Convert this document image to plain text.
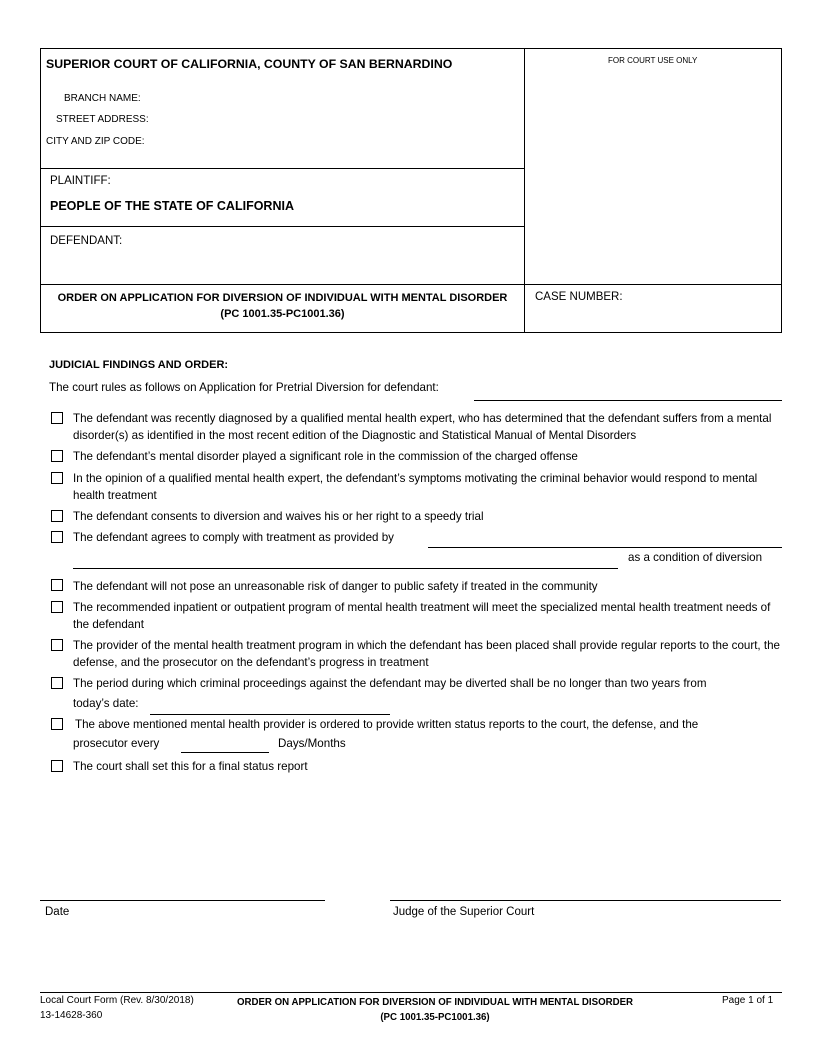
SUPERIOR COURT OF CALIFORNIA, COUNTY OF SAN BERNARDINO	FOR COURT USE ONLY
BRANCH NAME:
STREET ADDRESS:
CITY AND ZIP CODE:
PLAINTIFF:
PEOPLE OF THE STATE OF CALIFORNIA
DEFENDANT:
ORDER ON APPLICATION FOR DIVERSION OF INDIVIDUAL WITH MENTAL DISORDER
(PC 1001.35-PC1001.36)
CASE NUMBER:
JUDICIAL FINDINGS AND ORDER:
The court rules as follows on Application for Pretrial Diversion for defendant:
The defendant was recently diagnosed by a qualified mental health expert, who has determined that the defendant suffers from a mental disorder(s) as identified in the most recent edition of the Diagnostic and Statistical Manual of Mental Disorders
The defendant’s mental disorder played a significant role in the commission of the charged offense
In the opinion of a qualified mental health expert, the defendant’s symptoms motivating the criminal behavior would respond to mental health treatment
The defendant consents to diversion and waives his or her right to a speedy trial
The defendant agrees to comply with treatment as provided by
as a condition of diversion
The defendant will not pose an unreasonable risk of danger to public safety if treated in the community
The recommended inpatient or outpatient program of mental health treatment will meet the specialized mental health treatment needs of the defendant
The provider of the mental health treatment program in which the defendant has been placed shall provide regular reports to the court, the defense, and the prosecutor on the defendant’s progress in treatment
The period during which criminal proceedings against the defendant may be diverted shall be no longer than two years from
today’s date:
The above mentioned mental health provider is ordered to provide written status reports to the court, the defense, and the
prosecutor every	Days/Months
The court shall set this for a final status report
Date	Judge of the Superior Court
Local Court Form (Rev. 8/30/2018)
13-14628-360
ORDER ON APPLICATION FOR DIVERSION OF INDIVIDUAL WITH MENTAL DISORDER
(PC 1001.35-PC1001.36)
Page 1 of 1
